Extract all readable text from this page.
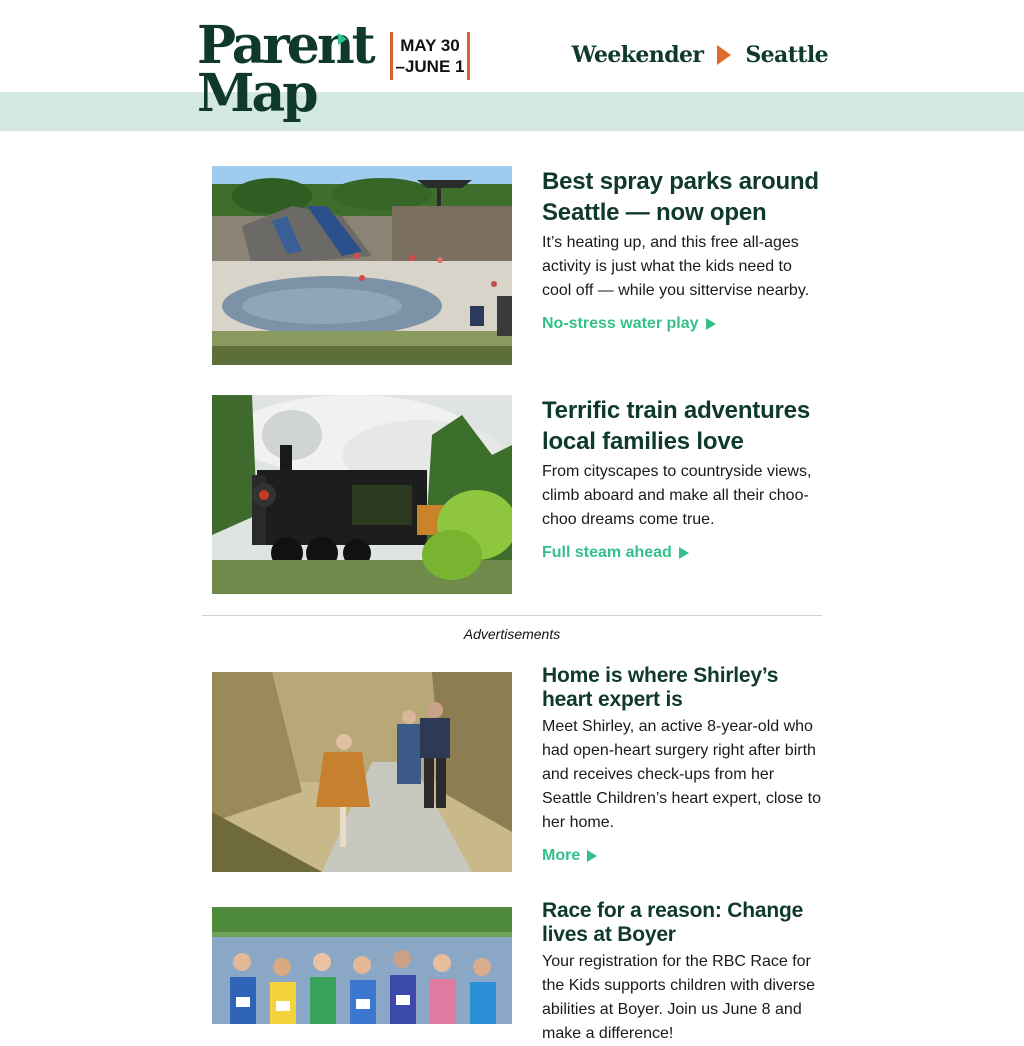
Parent
Map
MAY 30
–JUNE 1	Weekender Seattle
Best spray parks around Seattle — now open

It’s heating up, and this free all-ages activity is just what the kids need to cool off — while you sittervise nearby.

No-stress water play
Terrific train adventures local families love

From cityscapes to countryside views, climb aboard and make all their choo-choo dreams come true.

Full steam ahead
Advertisements
Home is where Shirley’s heart expert is

Meet Shirley, an active 8-year-old who had open-heart surgery right after birth and receives check-ups from her Seattle Children’s heart expert, close to her home.

More
Race for a reason: Change lives at Boyer

Your registration for the RBC Race for the Kids supports children with diverse abilities at Boyer. Join us June 8 and make a difference!
